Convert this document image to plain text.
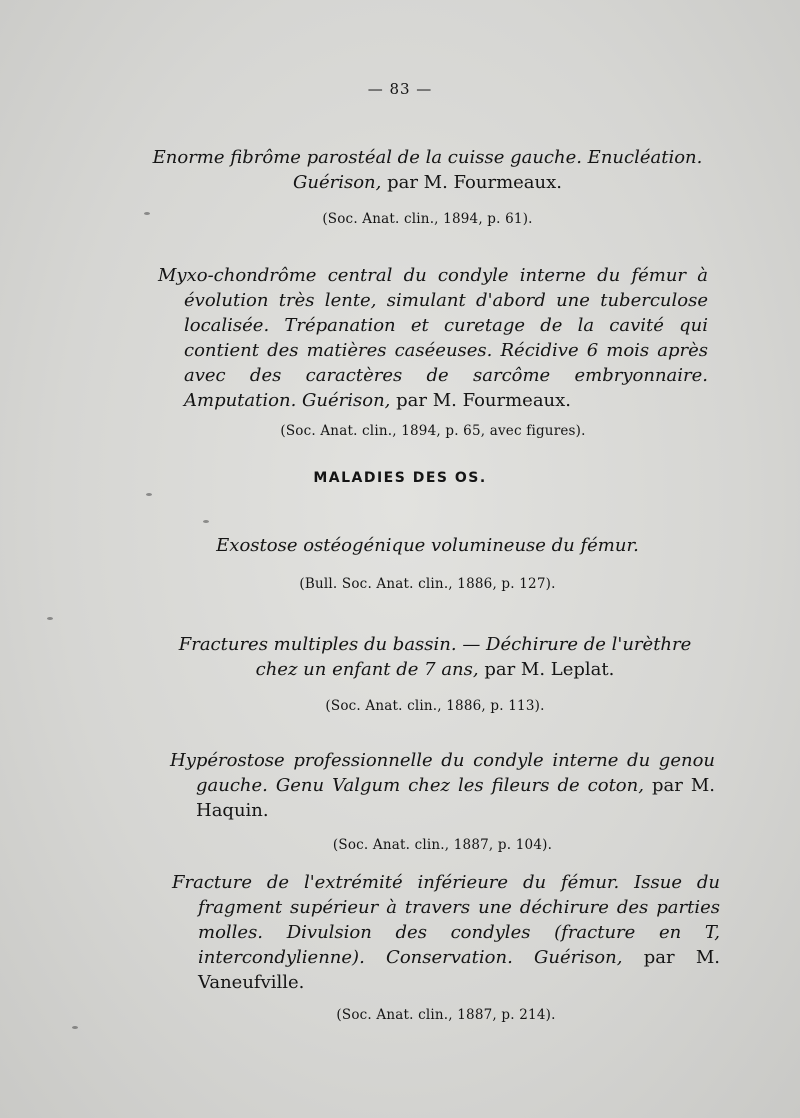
— 83 —

Enorme fibrôme parostéal de la cuisse gauche. Enucléation. Guérison, par M. Fourmeaux.

(Soc. Anat. clin., 1894, p. 61).

Myxo-chondrôme central du condyle interne du fémur à évolution très lente, simulant d'abord une tuberculose localisée. Trépanation et curetage de la cavité qui contient des matières caséeuses. Récidive 6 mois après avec des caractères de sarcôme embryonnaire. Amputation. Guérison, par M. Fourmeaux.

(Soc. Anat. clin., 1894, p. 65, avec figures).

MALADIES DES OS.

Exostose ostéogénique volumineuse du fémur.

(Bull. Soc. Anat. clin., 1886, p. 127).

Fractures multiples du bassin. — Déchirure de l'urèthre chez un enfant de 7 ans, par M. Leplat.

(Soc. Anat. clin., 1886, p. 113).

Hypérostose professionnelle du condyle interne du genou gauche. Genu Valgum chez les fileurs de coton, par M. Haquin.

(Soc. Anat. clin., 1887, p. 104).

Fracture de l'extrémité inférieure du fémur. Issue du fragment supérieur à travers une déchirure des parties molles. Divulsion des condyles (fracture en T, intercondylienne). Conservation. Guérison, par M. Vaneufville.

(Soc. Anat. clin., 1887, p. 214).
